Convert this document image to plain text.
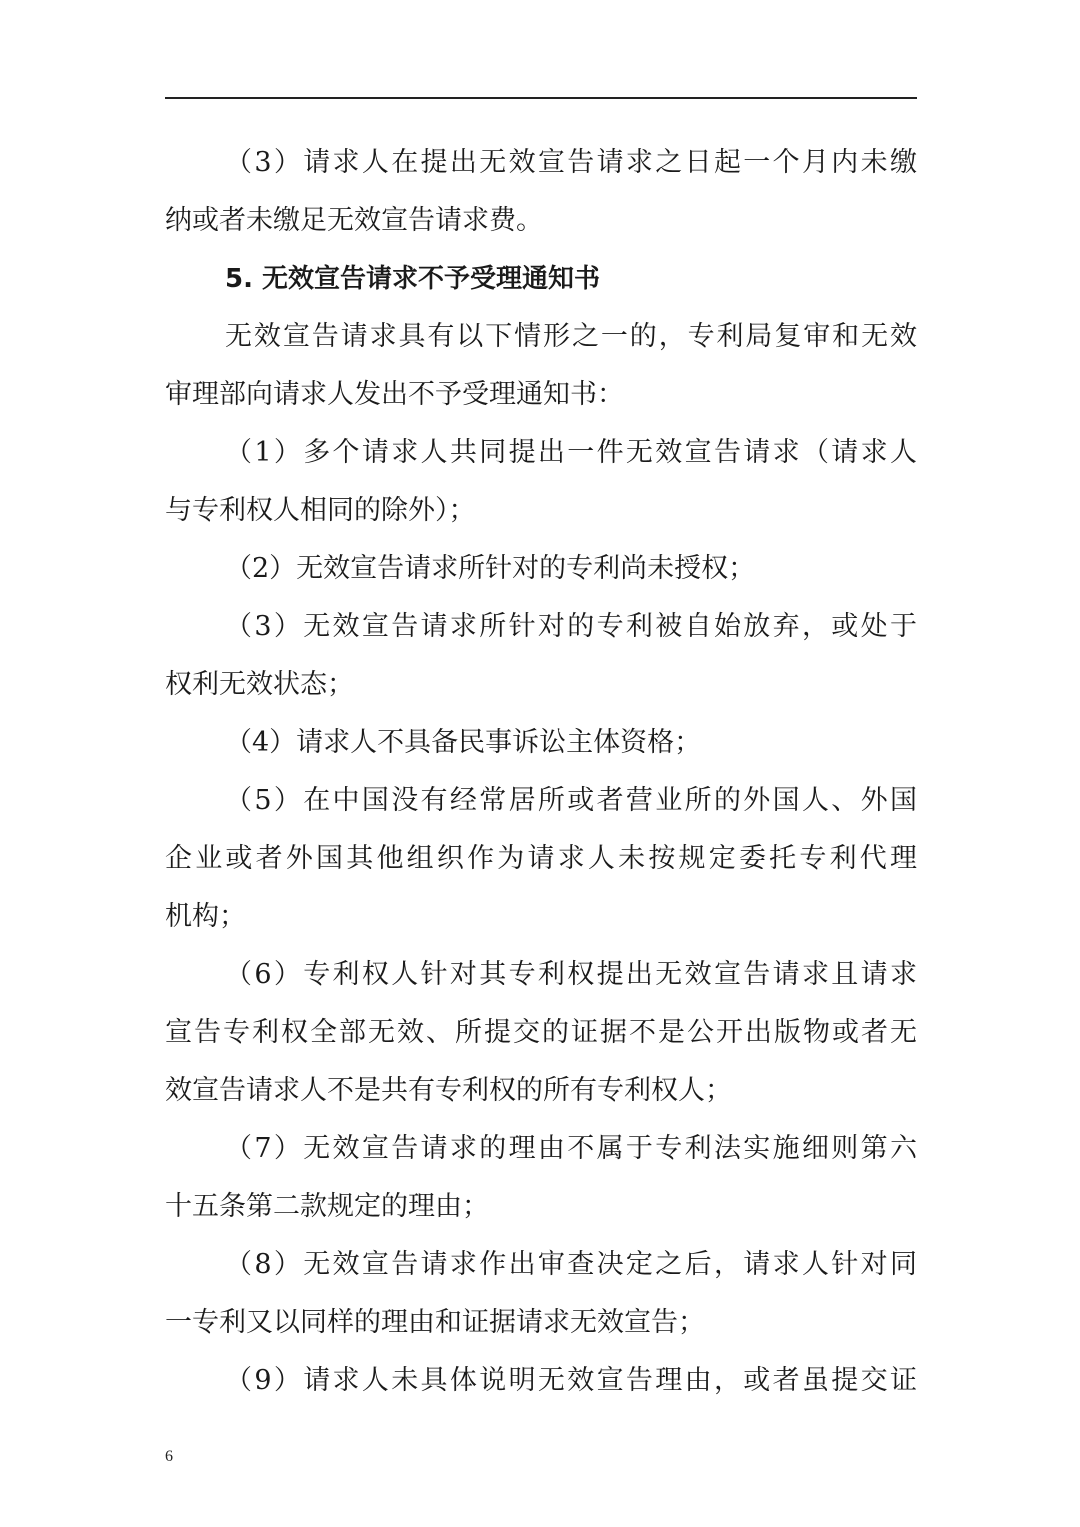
（3）请求人在提出无效宣告请求之日起一个月内未缴
纳或者未缴足无效宣告请求费。
5. 无效宣告请求不予受理通知书
无效宣告请求具有以下情形之一的，专利局复审和无效
审理部向请求人发出不予受理通知书：
（1）多个请求人共同提出一件无效宣告请求（请求人
与专利权人相同的除外）；
（2）无效宣告请求所针对的专利尚未授权；
（3）无效宣告请求所针对的专利被自始放弃，或处于
权利无效状态；
（4）请求人不具备民事诉讼主体资格；
（5）在中国没有经常居所或者营业所的外国人、外国
企业或者外国其他组织作为请求人未按规定委托专利代理
机构；
（6）专利权人针对其专利权提出无效宣告请求且请求
宣告专利权全部无效、所提交的证据不是公开出版物或者无
效宣告请求人不是共有专利权的所有专利权人；
（7）无效宣告请求的理由不属于专利法实施细则第六
十五条第二款规定的理由；
（8）无效宣告请求作出审查决定之后，请求人针对同
一专利又以同样的理由和证据请求无效宣告；
（9）请求人未具体说明无效宣告理由，或者虽提交证
6
